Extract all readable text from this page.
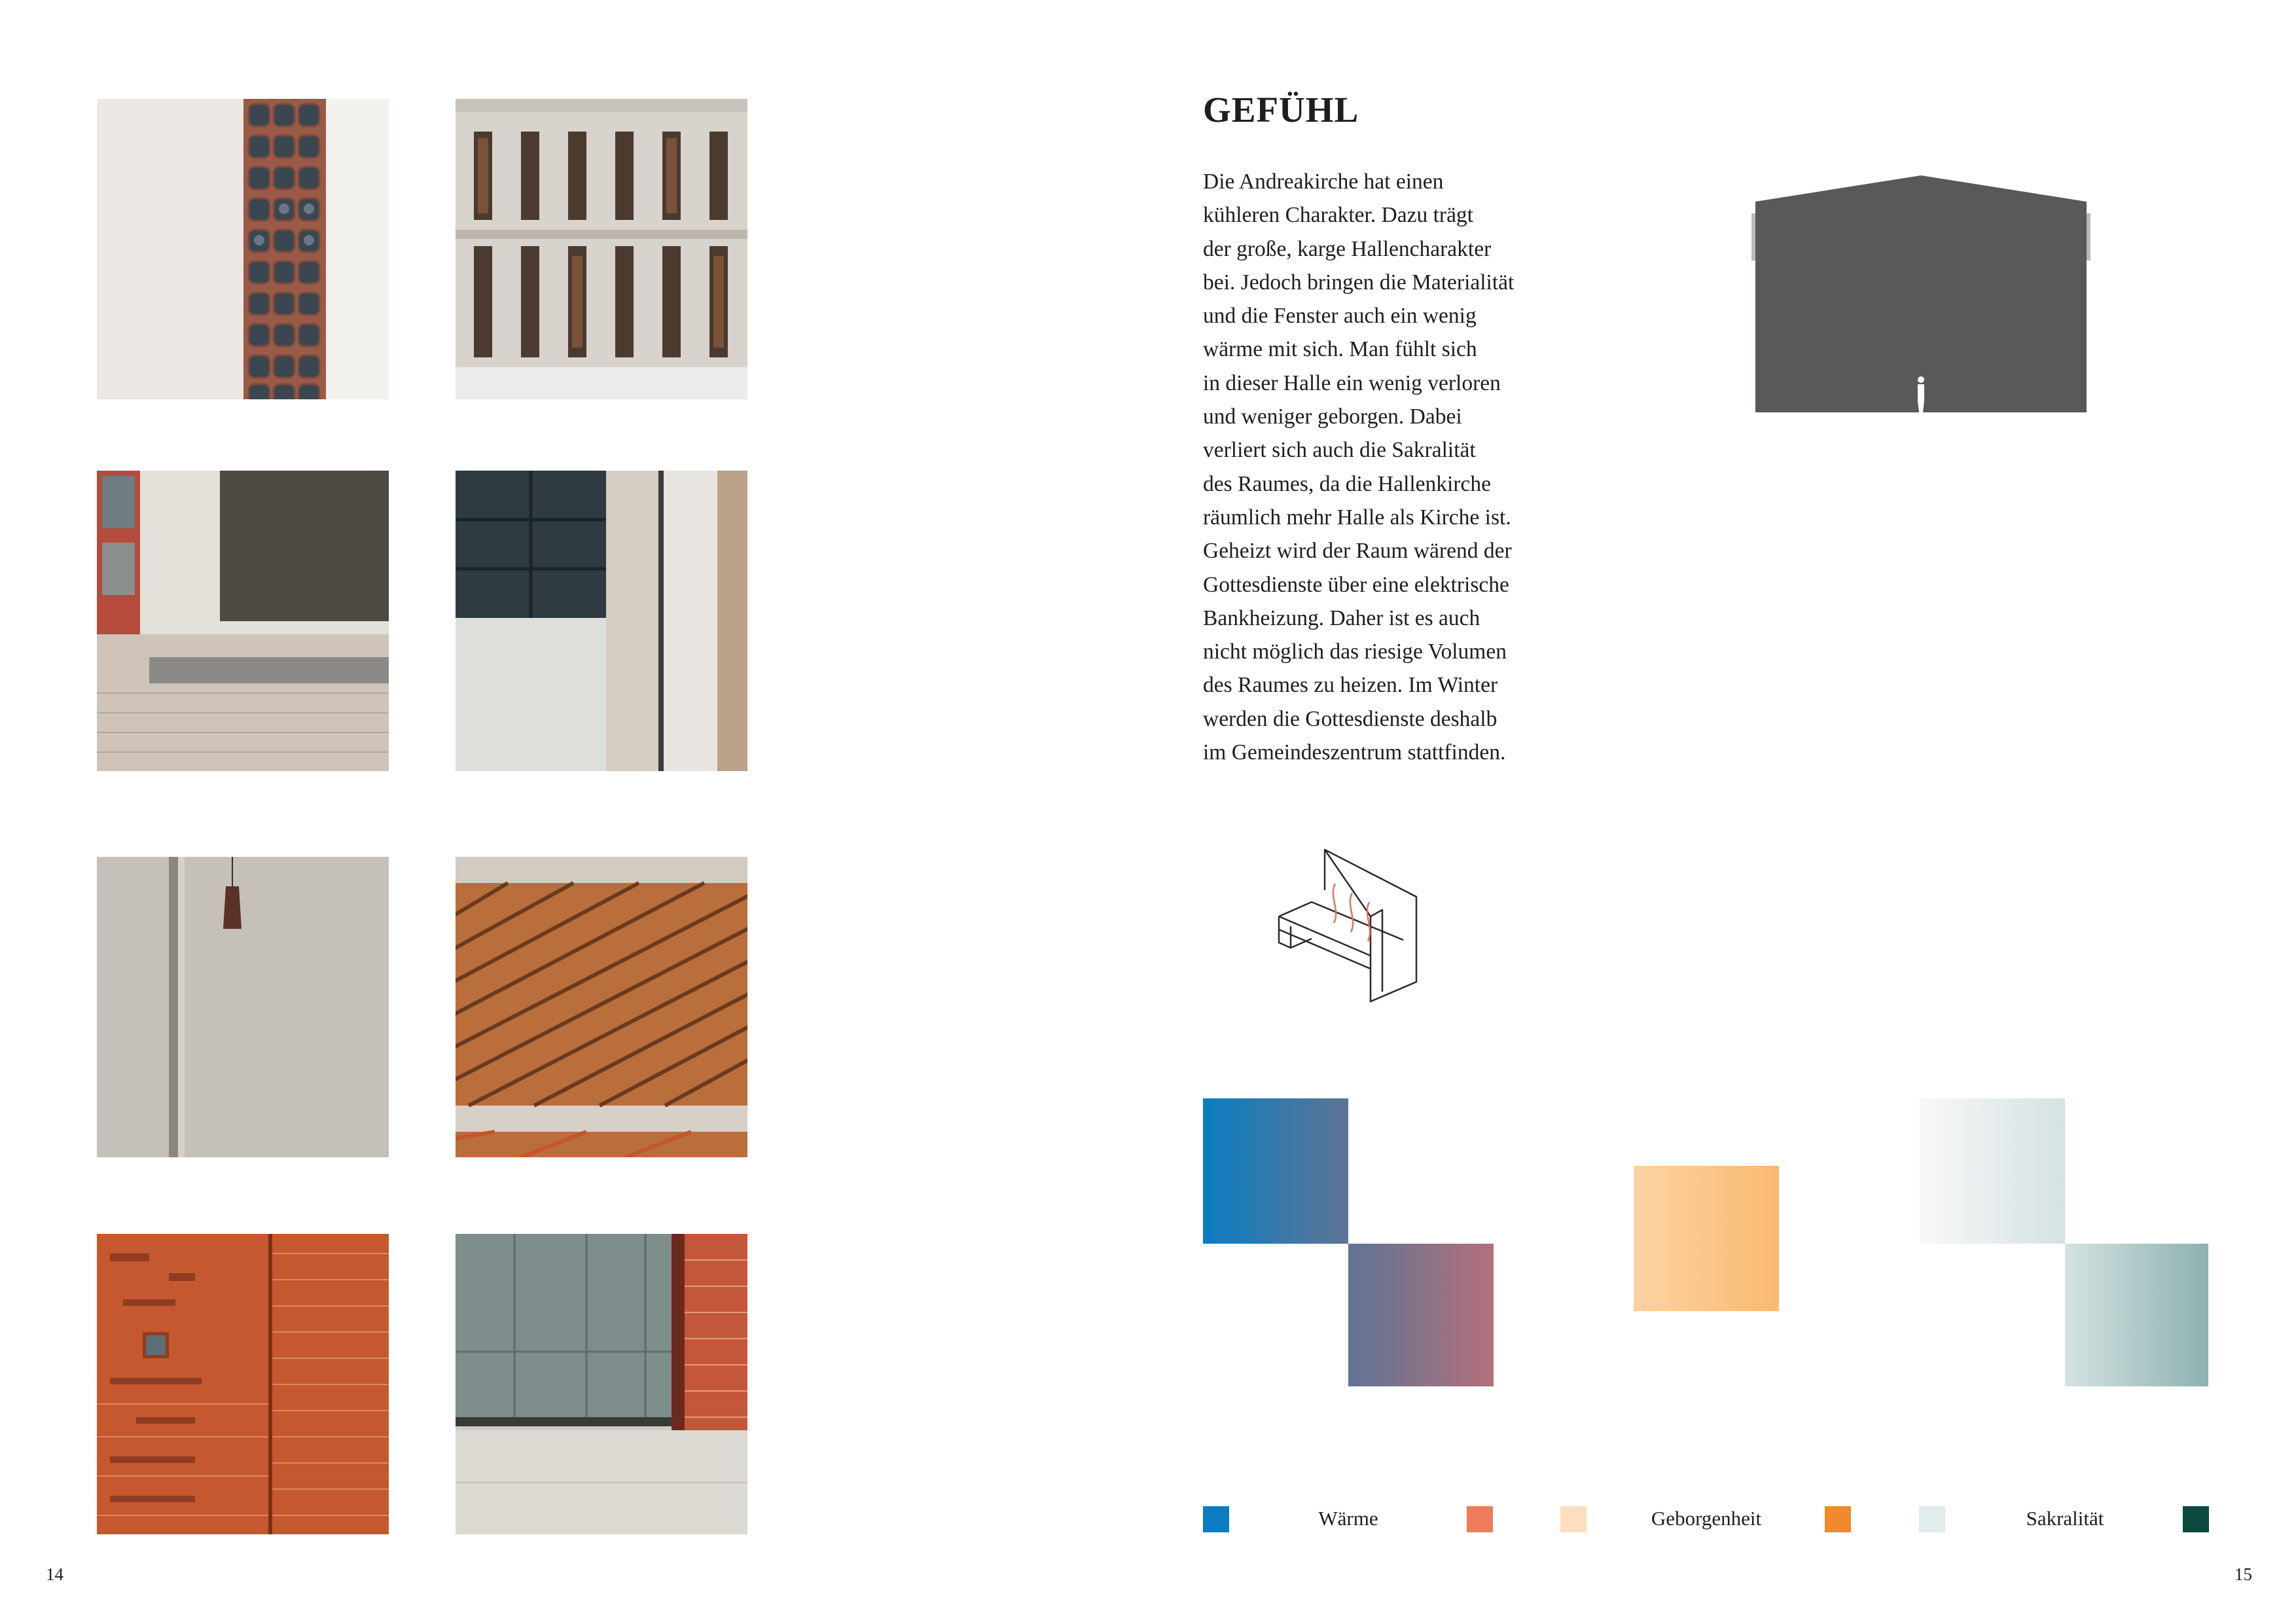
GEFÜHL

Die Andreakirche hat einen
kühleren Charakter. Dazu trägt
der große, karge Hallencharakter
bei. Jedoch bringen die Materialität
und die Fenster auch ein wenig
wärme mit sich. Man fühlt sich
in dieser Halle ein wenig verloren
und weniger geborgen. Dabei
verliert sich auch die Sakralität
des Raumes, da die Hallenkirche
räumlich mehr Halle als Kirche ist.
Geheizt wird der Raum wärend der
Gottesdienste über eine elektrische
Bankheizung. Daher ist es auch
nicht möglich das riesige Volumen
des Raumes zu heizen. Im Winter
werden die Gottesdienste deshalb
im Gemeindeszentrum stattfinden.

Wärme	Geborgenheit	Sakralität
14	15
